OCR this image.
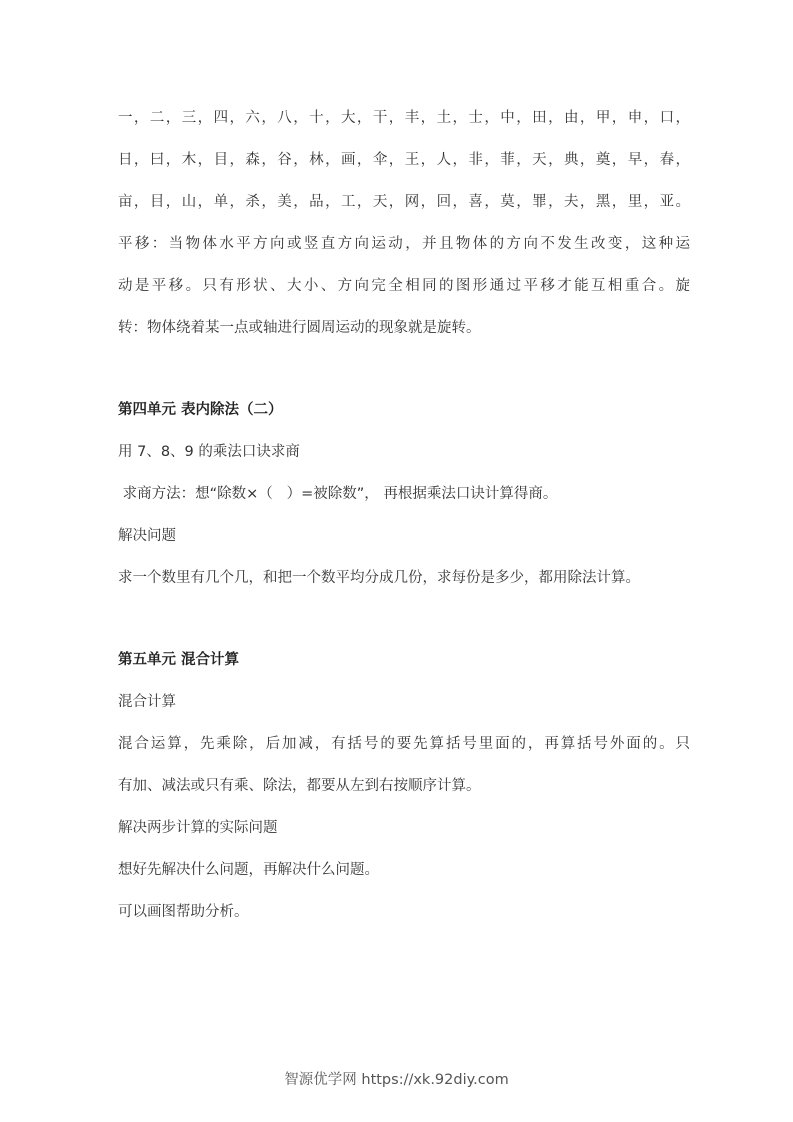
一，二，三，四，六，八，十，大，干，丰，土，士，中，田，由，甲，申，口，
日，曰，木，目，森，谷，林，画，伞，王，人，非，菲，天，典，奠，早，春，
亩，目，山，单，杀，美，品，工，天，网，回，喜，莫，罪，夫，黑，里，亚。
平移：当物体水平方向或竖直方向运动，并且物体的方向不发生改变，这种运
动是平移。只有形状、大小、方向完全相同的图形通过平移才能互相重合。旋
转：物体绕着某一点或轴进行圆周运动的现象就是旋转。
第四单元 表内除法（二）
用 7、8、9 的乘法口诀求商
求商方法：想“除数×（   ）=被除数”， 再根据乘法口诀计算得商。
解决问题
求一个数里有几个几，和把一个数平均分成几份，求每份是多少，都用除法计算。
第五单元 混合计算
混合计算
混合运算，先乘除，后加减，有括号的要先算括号里面的，再算括号外面的。只
有加、减法或只有乘、除法，都要从左到右按顺序计算。
解决两步计算的实际问题
想好先解决什么问题，再解决什么问题。
可以画图帮助分析。
智源优学网 https://xk.92diy.com
